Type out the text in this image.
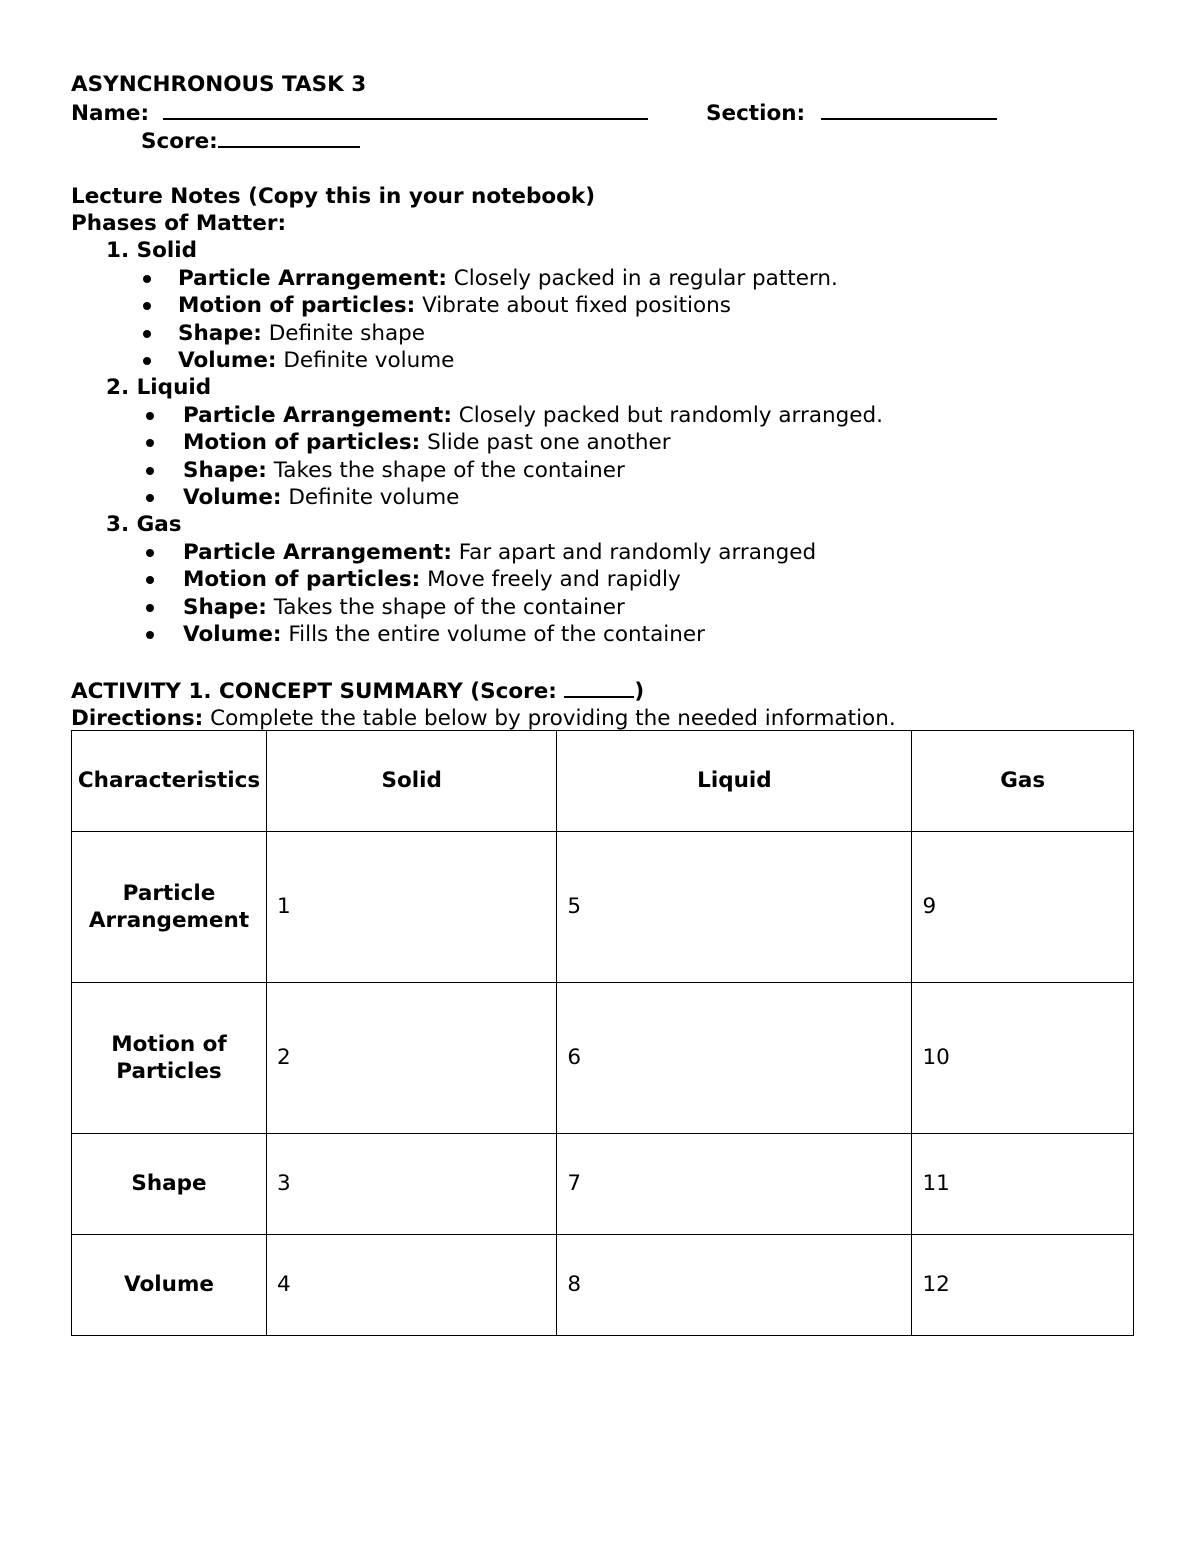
ASYNCHRONOUS TASK 3
Name:	Section:
Score:
Lecture Notes (Copy this in your notebook)
Phases of Matter:
1. Solid
Particle Arrangement: Closely packed in a regular pattern.
Motion of particles: Vibrate about fixed positions
Shape: Definite shape
Volume: Definite volume
2. Liquid
Particle Arrangement: Closely packed but randomly arranged.
Motion of particles: Slide past one another
Shape: Takes the shape of the container
Volume: Definite volume
3. Gas
Particle Arrangement: Far apart and randomly arranged
Motion of particles: Move freely and rapidly
Shape: Takes the shape of the container
Volume: Fills the entire volume of the container
ACTIVITY 1. CONCEPT SUMMARY (Score:	)
Directions: Complete the table below by providing the needed information.
Characteristics	Solid	Liquid	Gas
Particle Arrangement	1	5	9
Motion of Particles	2	6	10
Shape	3	7	11
Volume	4	8	12
